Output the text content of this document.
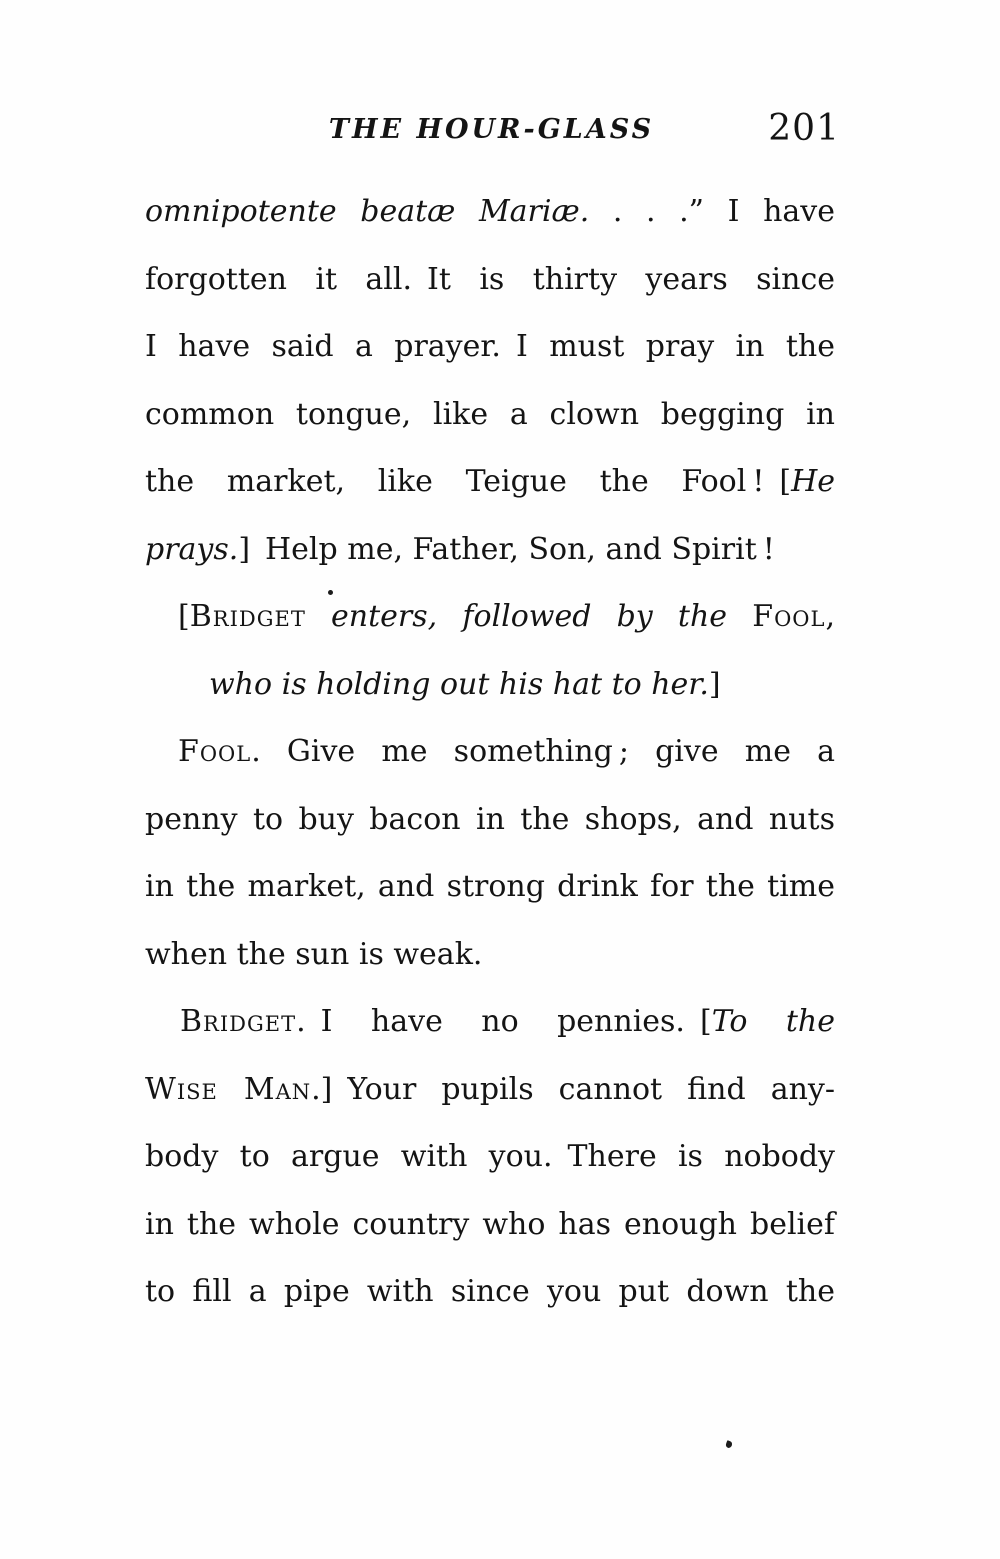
THE HOUR-GLASS	201
omnipotente beatæ Mariæ. . . .” I have
forgotten it all. It is thirty years since
I have said a prayer. I must pray in the
common tongue, like a clown begging in
the market, like Teigue the Fool ! [He
prays.] Help me, Father, Son, and Spirit !
[Bridget enters, followed by the Fool,
who is holding out his hat to her.]
Fool. Give me something ; give me a
penny to buy bacon in the shops, and nuts
in the market, and strong drink for the time
when the sun is weak.
Bridget. I have no pennies. [To the
Wise Man.] Your pupils cannot find any-
body to argue with you. There is nobody
in the whole country who has enough belief
to fill a pipe with since you put down the
